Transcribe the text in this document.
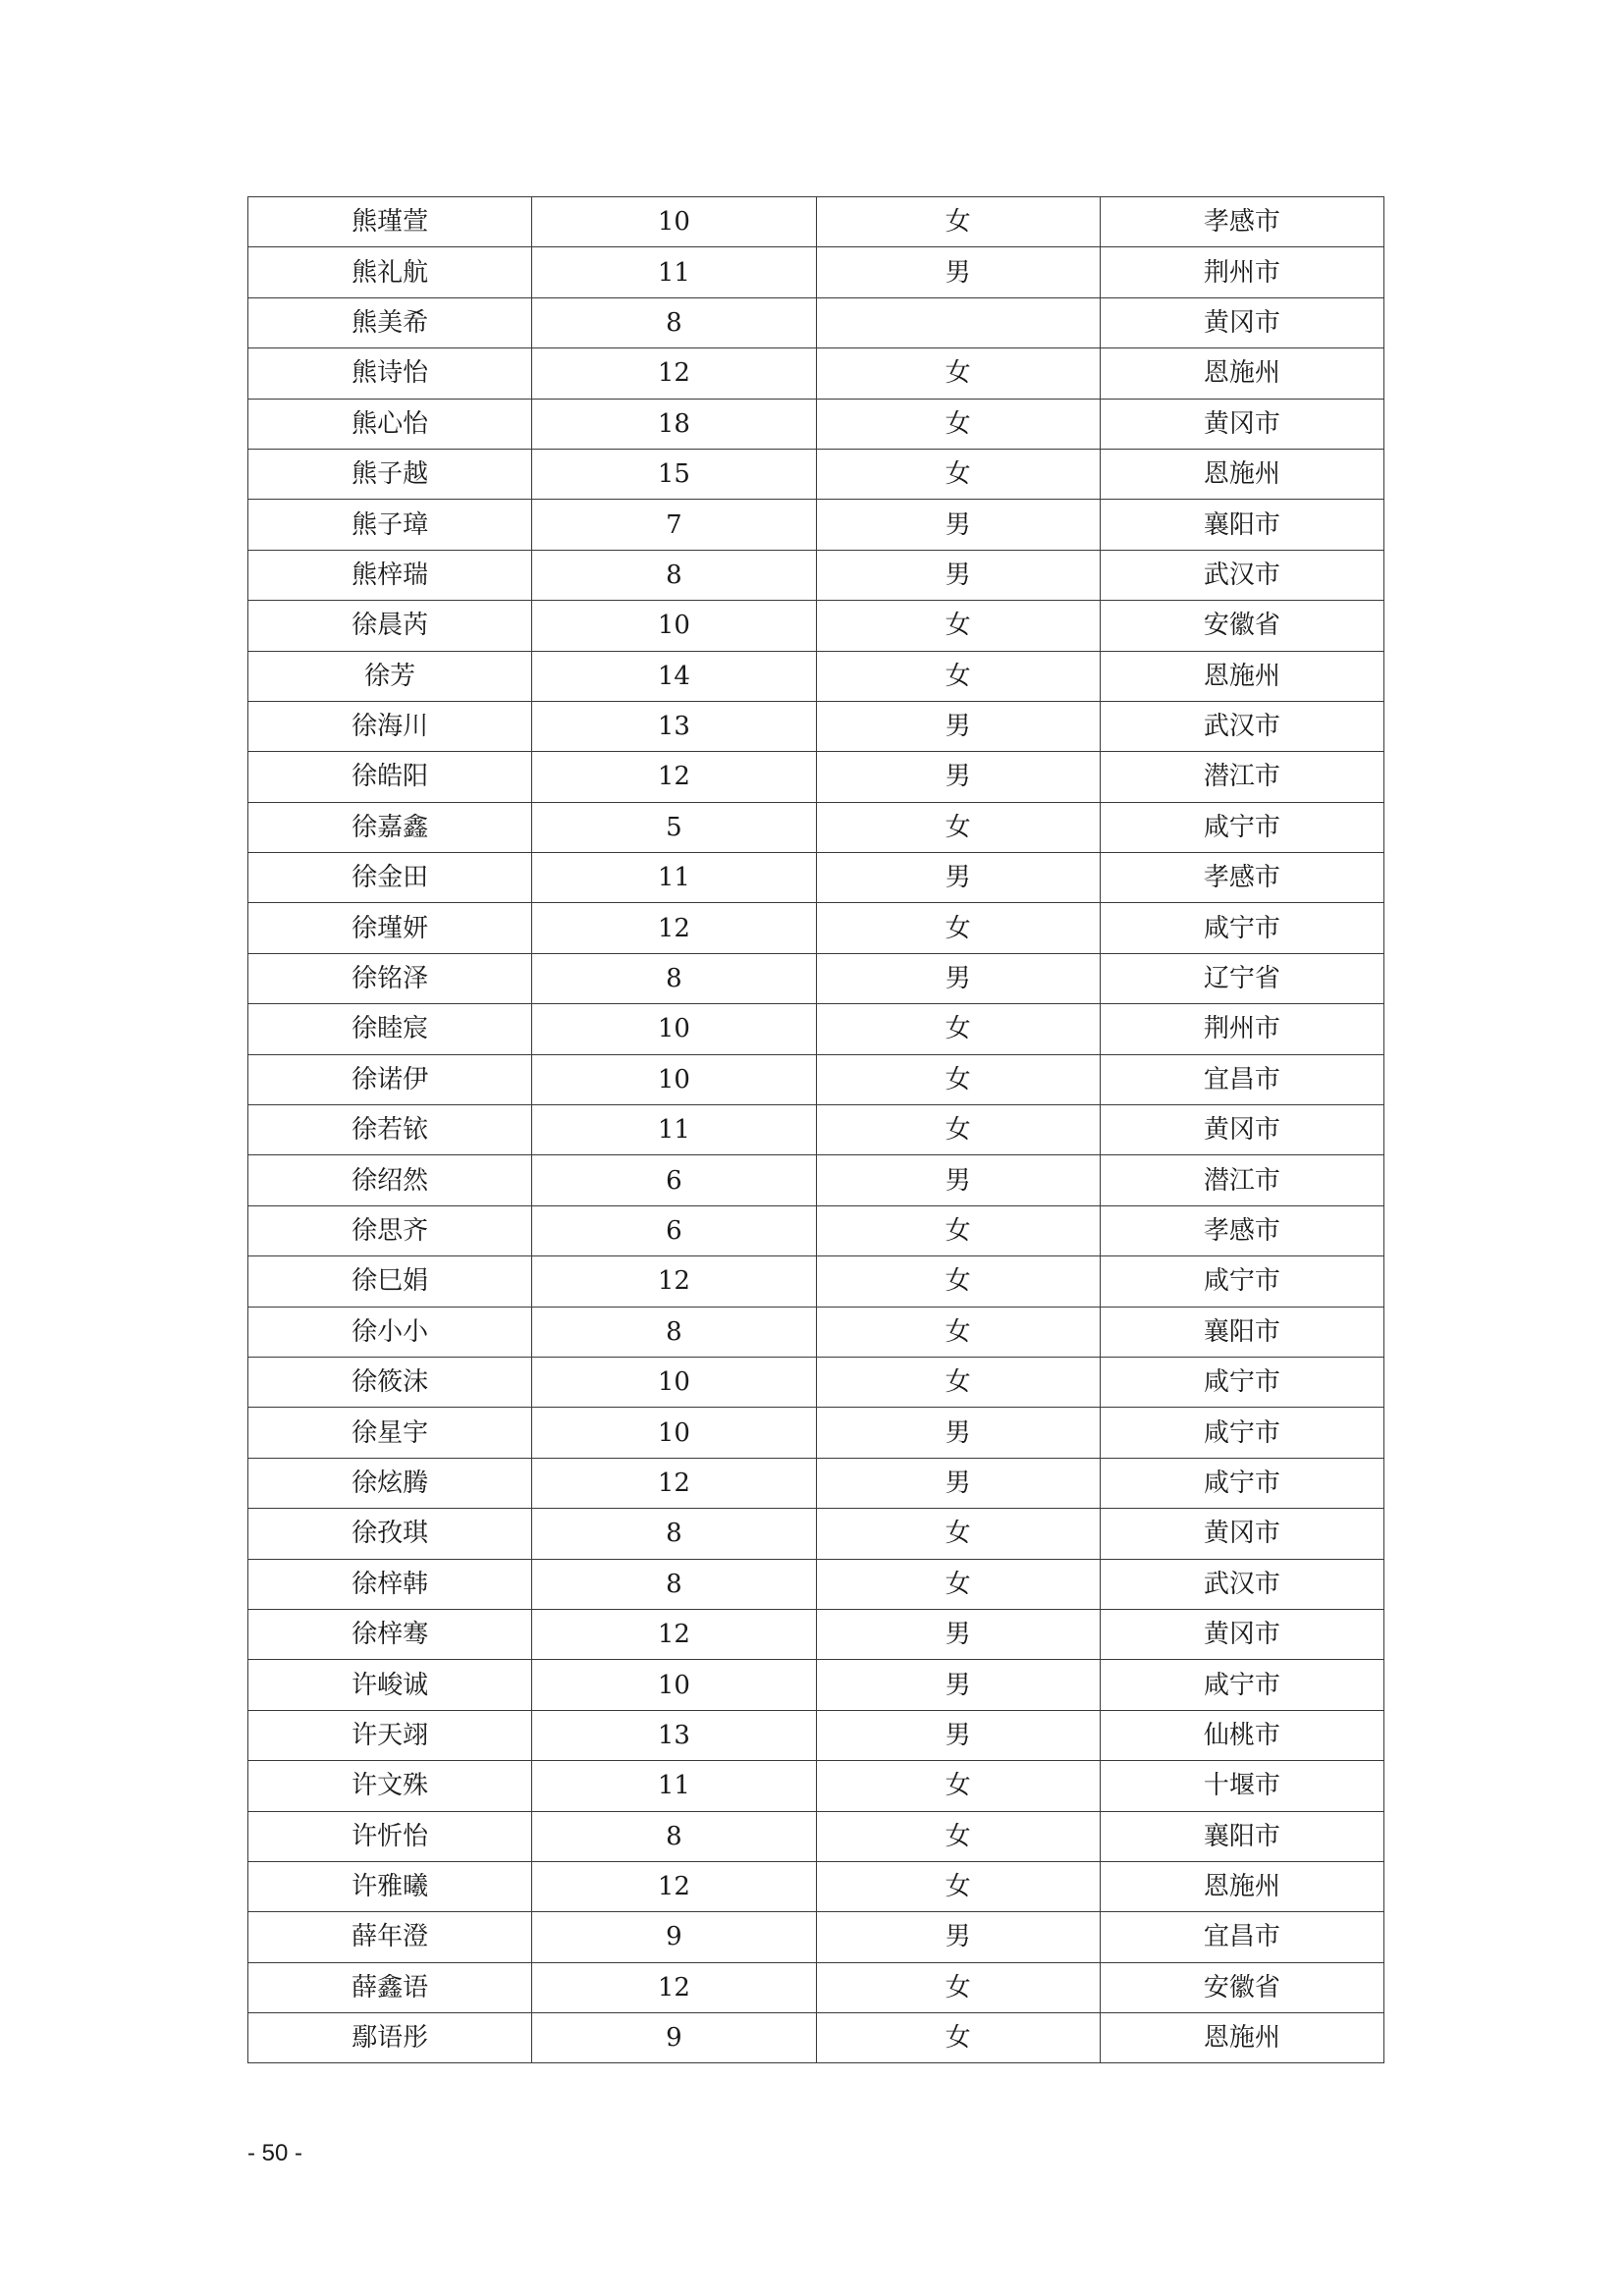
熊瑾萱	10	女	孝感市
熊礼航	11	男	荆州市
熊美希	8		黄冈市
熊诗怡	12	女	恩施州
熊心怡	18	女	黄冈市
熊子越	15	女	恩施州
熊子璋	7	男	襄阳市
熊梓瑞	8	男	武汉市
徐晨芮	10	女	安徽省
徐芳	14	女	恩施州
徐海川	13	男	武汉市
徐皓阳	12	男	潜江市
徐嘉鑫	5	女	咸宁市
徐金田	11	男	孝感市
徐瑾妍	12	女	咸宁市
徐铭泽	8	男	辽宁省
徐睦宸	10	女	荆州市
徐诺伊	10	女	宜昌市
徐若铱	11	女	黄冈市
徐绍然	6	男	潜江市
徐思齐	6	女	孝感市
徐巳娟	12	女	咸宁市
徐小小	8	女	襄阳市
徐筱沫	10	女	咸宁市
徐星宇	10	男	咸宁市
徐炫腾	12	男	咸宁市
徐孜琪	8	女	黄冈市
徐梓韩	8	女	武汉市
徐梓骞	12	男	黄冈市
许峻诚	10	男	咸宁市
许天翊	13	男	仙桃市
许文殊	11	女	十堰市
许忻怡	8	女	襄阳市
许雅曦	12	女	恩施州
薛年澄	9	男	宜昌市
薛鑫语	12	女	安徽省
鄢语彤	9	女	恩施州
- 50 -
